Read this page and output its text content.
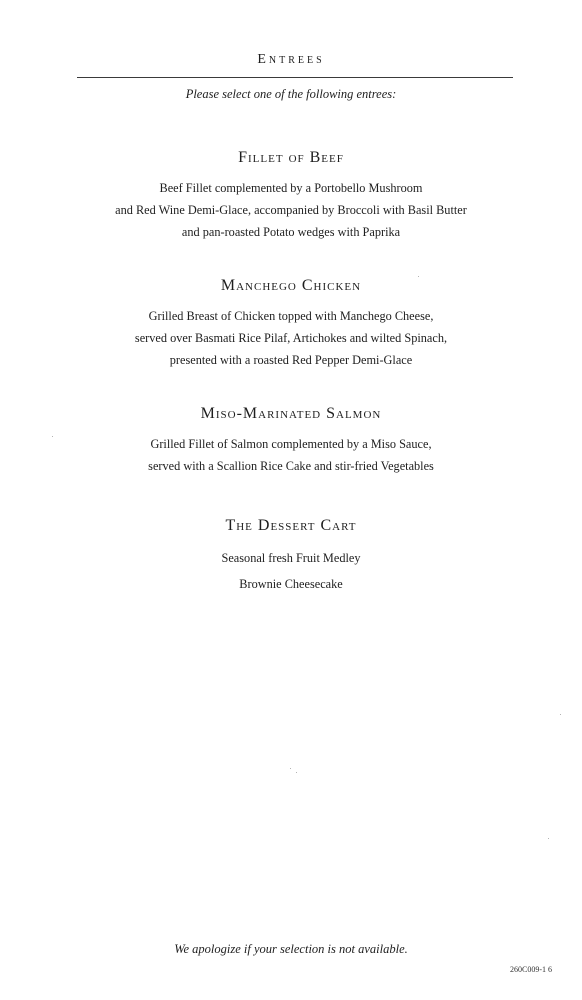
Entrees

Please select one of the following entrees:

Fillet of Beef

Beef Fillet complemented by a Portobello Mushroom

and Red Wine Demi-Glace, accompanied by Broccoli with Basil Butter

and pan-roasted Potato wedges with Paprika

Manchego Chicken

Grilled Breast of Chicken topped with Manchego Cheese,

served over Basmati Rice Pilaf, Artichokes and wilted Spinach,

presented with a roasted Red Pepper Demi-Glace

Miso-Marinated Salmon

Grilled Fillet of Salmon complemented by a Miso Sauce,

served with a Scallion Rice Cake and stir-fried Vegetables

The Dessert Cart

Seasonal fresh Fruit Medley

Brownie Cheesecake

We apologize if your selection is not available.

260C009-1 6
